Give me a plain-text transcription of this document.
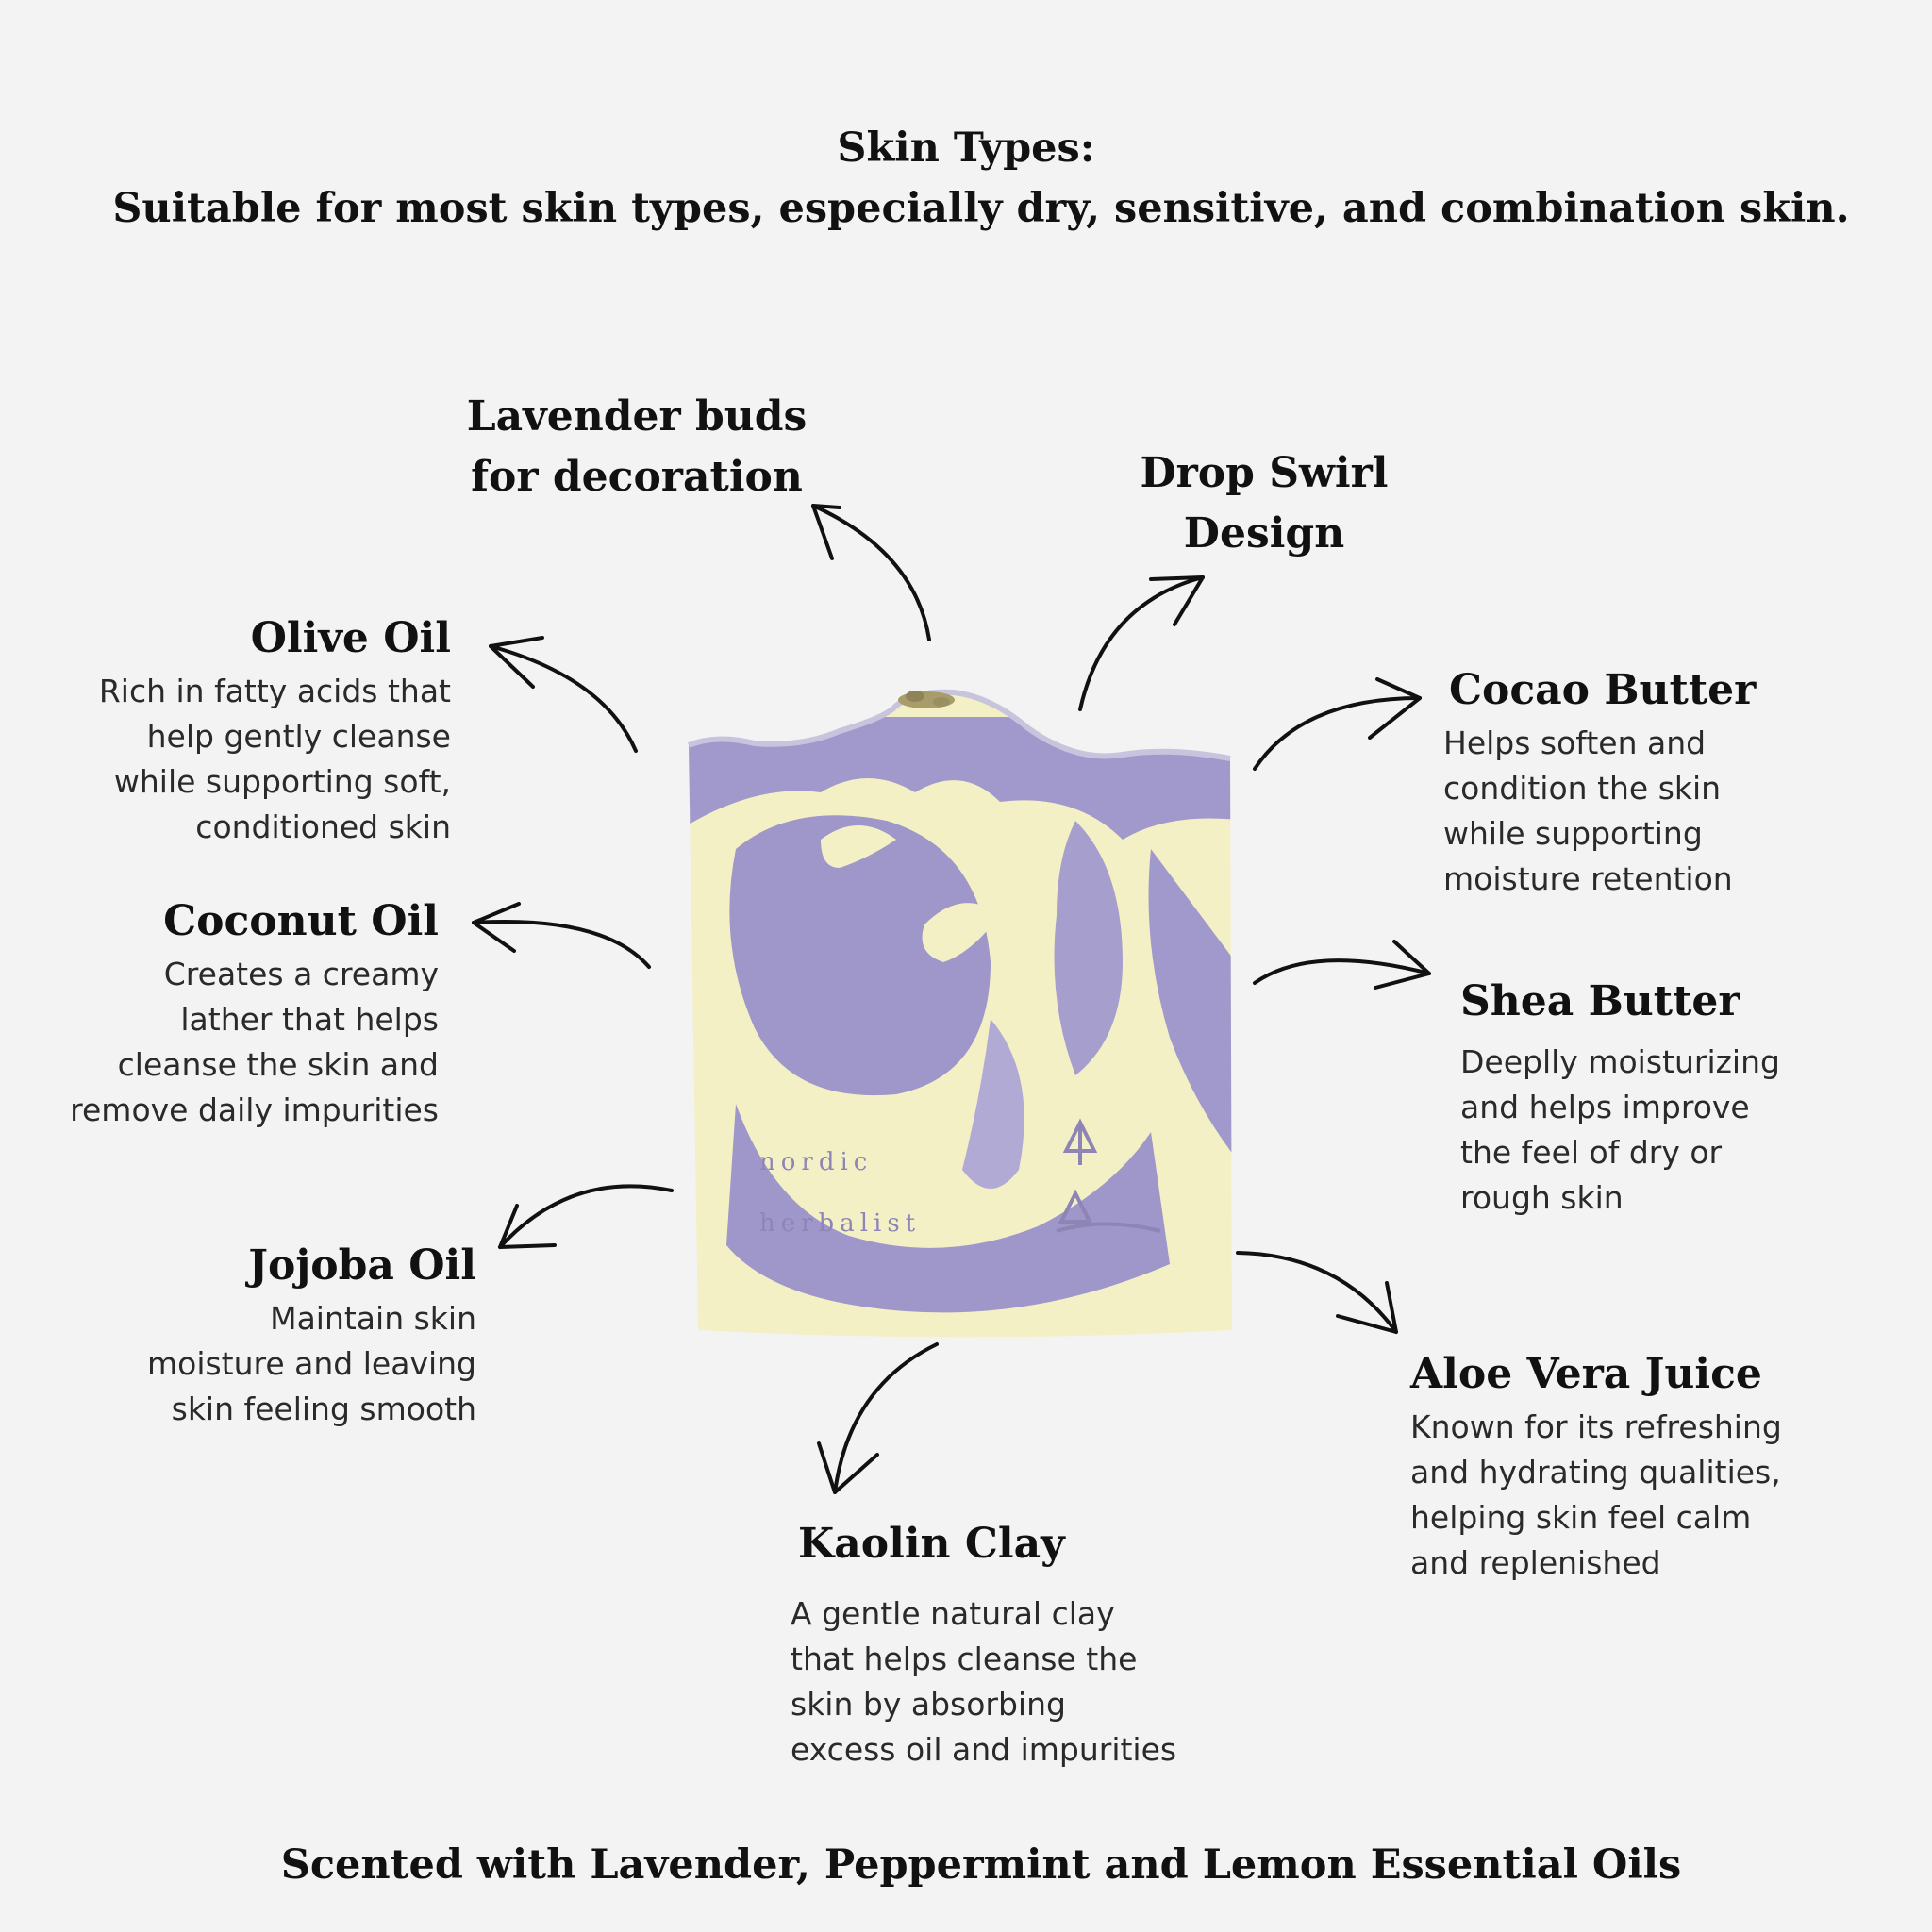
Skin Types:
Suitable for most skin types, especially dry, sensitive, and combination skin.
nordic
herbalist
Lavender buds
for decoration	Drop Swirl
Design
Olive Oil
Rich in fatty acids that
help gently cleanse
while supporting soft,
conditioned skin
Coconut Oil
Creates a creamy
lather that helps
cleanse the skin and
remove daily impurities
Jojoba Oil
Maintain skin
moisture and leaving
skin feeling smooth
Cocao Butter
Helps soften and
condition the skin
while supporting
moisture retention
Shea Butter
Deeplly moisturizing
and helps improve
the feel of dry or
rough skin
Aloe Vera Juice
Known for its refreshing
and hydrating qualities,
helping skin feel calm
and replenished
Kaolin Clay
A gentle natural clay
that helps cleanse the
skin by absorbing
excess oil and impurities
Scented with Lavender, Peppermint and Lemon Essential Oils
